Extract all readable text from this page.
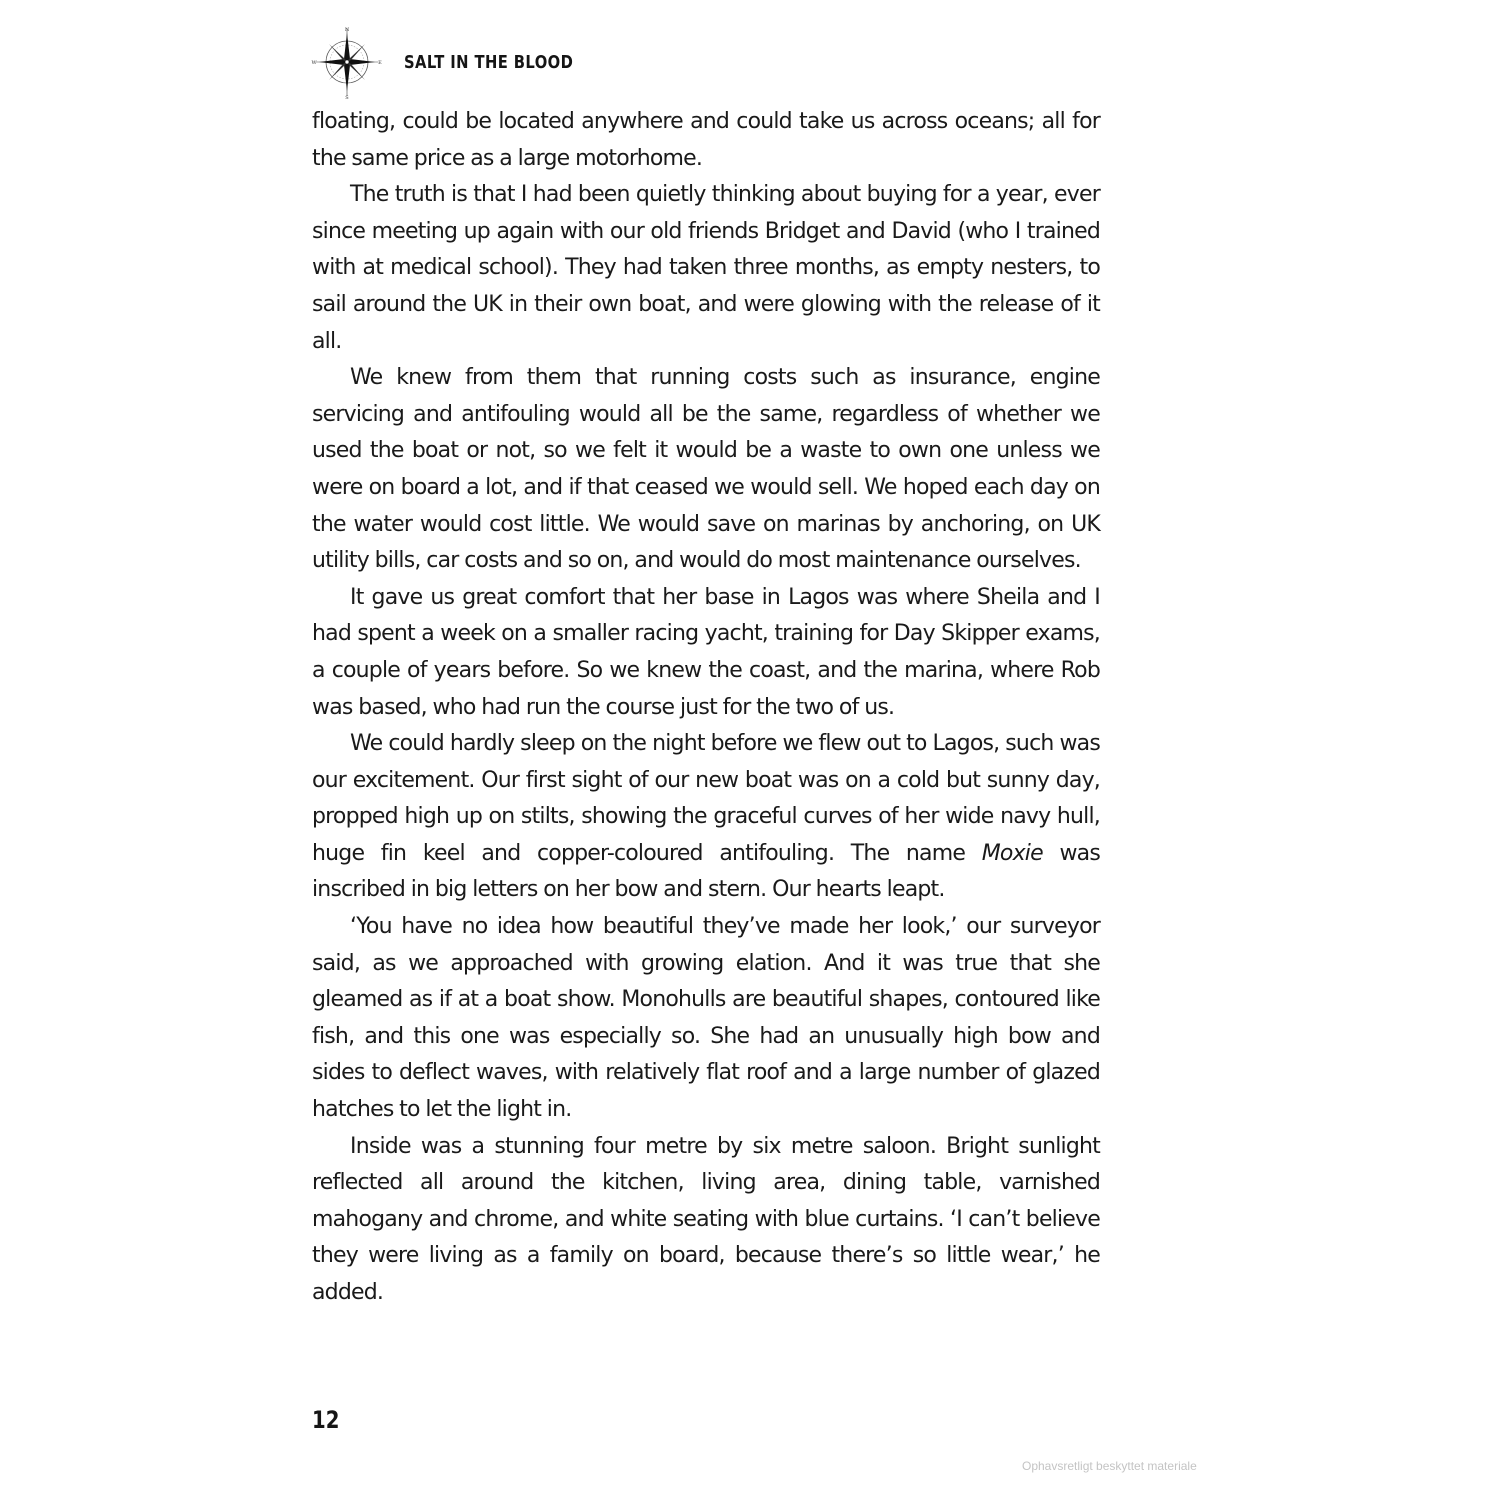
N
S
W	E SALT IN THE BLOOD

floating, could be located anywhere and could take us across oceans; all for the same price as a large motorhome.

The truth is that I had been quietly thinking about buying for a year, ever since meeting up again with our old friends Bridget and David (who I trained with at medical school). They had taken three months, as empty nesters, to sail around the UK in their own boat, and were glowing with the release of it all.

We knew from them that running costs such as insurance, engine servicing and antifouling would all be the same, regardless of whether we used the boat or not, so we felt it would be a waste to own one unless we were on board a lot, and if that ceased we would sell. We hoped each day on the water would cost little. We would save on marinas by anchoring, on UK utility bills, car costs and so on, and would do most maintenance ourselves.

It gave us great comfort that her base in Lagos was where Sheila and I had spent a week on a smaller racing yacht, training for Day Skipper exams, a couple of years before. So we knew the coast, and the marina, where Rob was based, who had run the course just for the two of us.

We could hardly sleep on the night before we flew out to Lagos, such was our excitement. Our first sight of our new boat was on a cold but sunny day, propped high up on stilts, showing the graceful curves of her wide navy hull, huge fin keel and copper-coloured antifouling. The name Moxie was inscribed in big letters on her bow and stern. Our hearts leapt.

‘You have no idea how beautiful they’ve made her look,’ our surveyor said, as we approached with growing elation. And it was true that she gleamed as if at a boat show. Monohulls are beautiful shapes, contoured like fish, and this one was especially so. She had an unusually high bow and sides to deflect waves, with relatively flat roof and a large number of glazed hatches to let the light in.

Inside was a stunning four metre by six metre saloon. Bright sunlight reflected all around the kitchen, living area, dining table, varnished mahogany and chrome, and white seating with blue curtains. ‘I can’t believe they were living as a family on board, because there’s so little wear,’ he added.

12
Ophavsretligt beskyttet materiale
